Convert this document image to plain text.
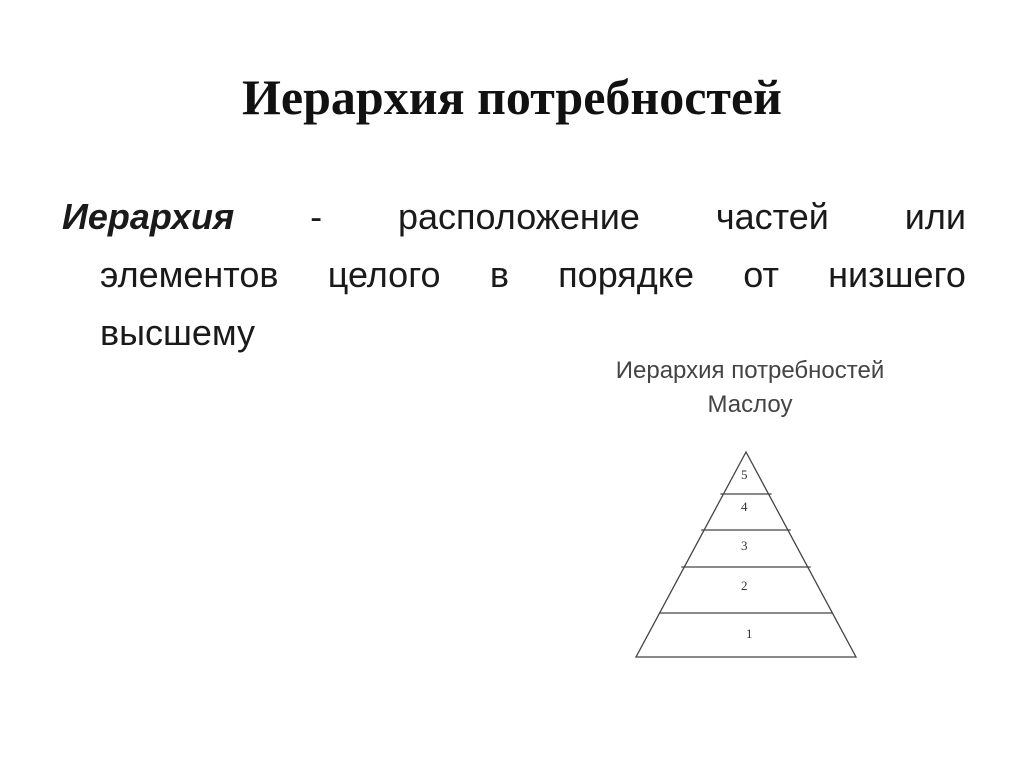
Иерархия потребностей
Иерархия - расположение частей или
элементов целого в порядке от низшего
высшему
Иерархия потребностей
Маслоу
5
4
3
2
1
